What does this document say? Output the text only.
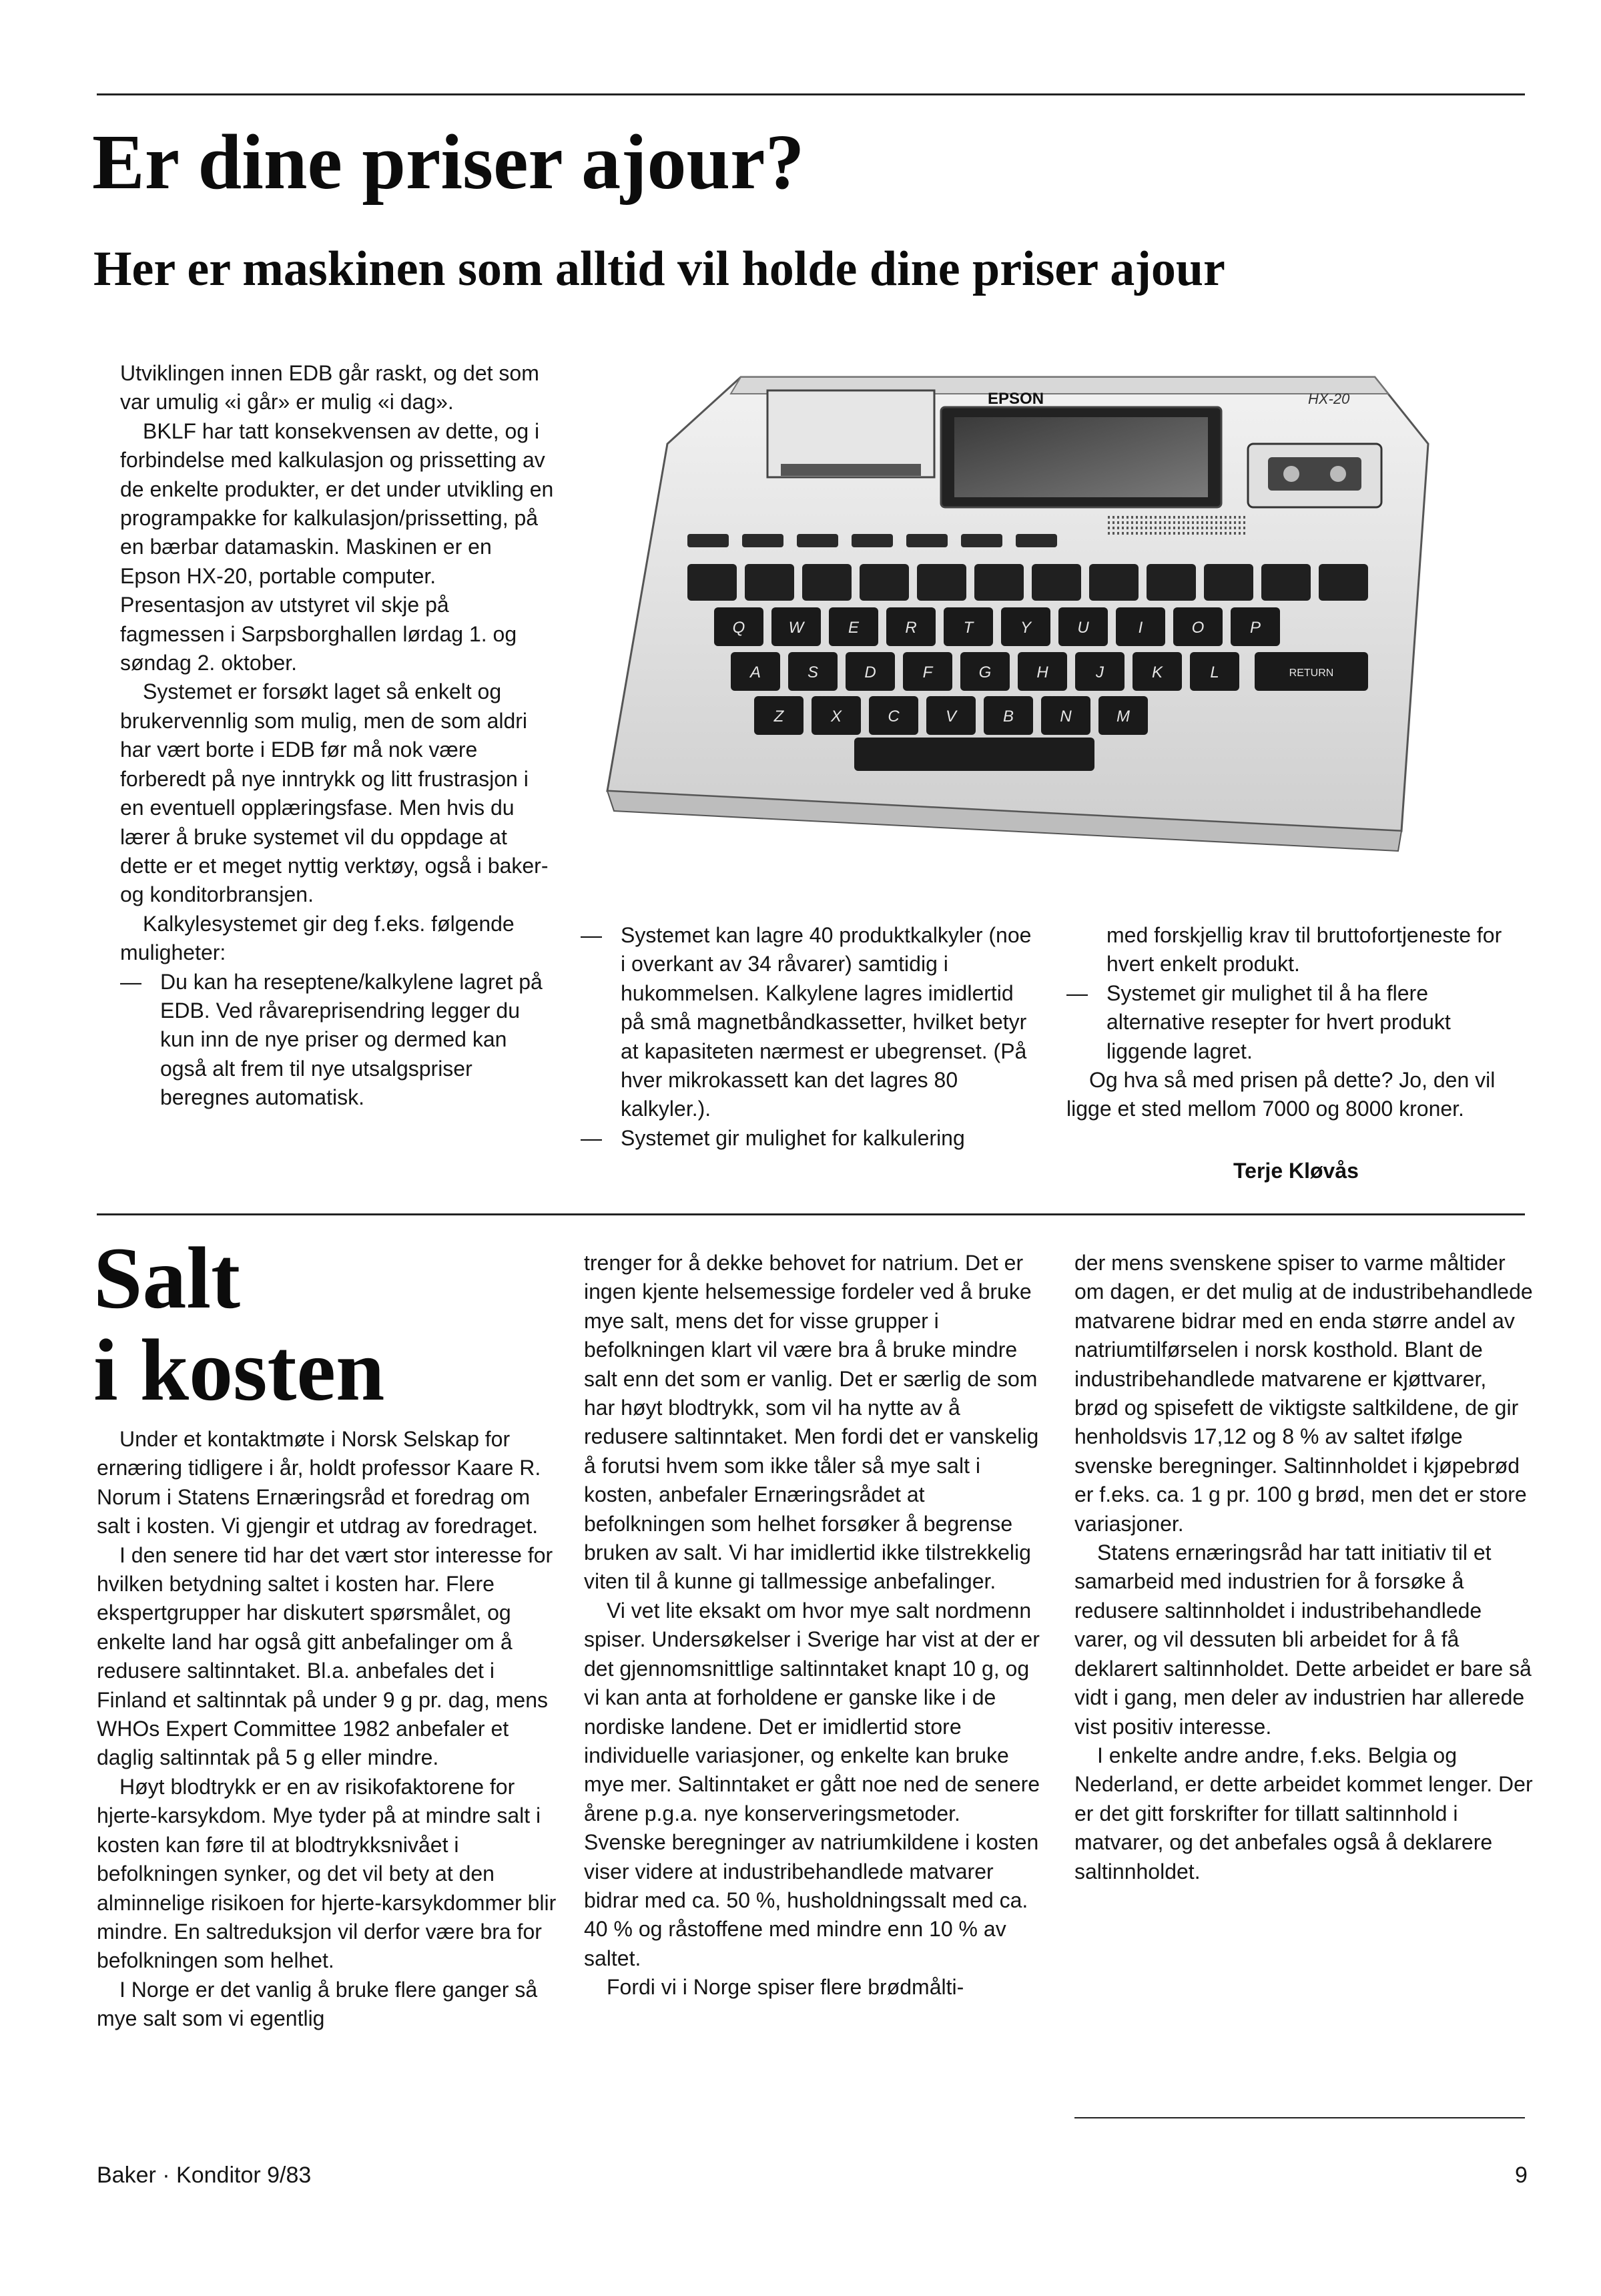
Er dine priser ajour?
Her er maskinen som alltid vil holde dine priser ajour

Utviklingen innen EDB går raskt, og det som var umulig «i går» er mulig «i dag».

BKLF har tatt konsekvensen av dette, og i forbindelse med kalkulasjon og prissetting av de enkelte produkter, er det under utvikling en programpakke for kalkulasjon/prissetting, på en bærbar datamaskin. Maskinen er en Epson HX-20, portable computer. Presentasjon av utstyret vil skje på fagmessen i Sarpsborghallen lørdag 1. og søndag 2. oktober.

Systemet er forsøkt laget så enkelt og brukervennlig som mulig, men de som aldri har vært borte i EDB før må nok være forberedt på nye inntrykk og litt frustrasjon i en eventuell opplæringsfase. Men hvis du lærer å bruke systemet vil du oppdage at dette er et meget nyttig verktøy, også i baker- og konditorbransjen.

Kalkylesystemet gir deg f.eks. følgende muligheter:

— Du kan ha reseptene/kalkylene lagret på EDB. Ved råvareprisendring legger du kun inn de nye priser og dermed kan også alt frem til nye utsalgspriser beregnes automatisk.
EPSON	HX-20
Q	W	E	R	T	Y	U	I	O	P
A	S	D	F	G	H	J	K	L
Z	X	C	V	B	N	M
RETURN
— Systemet kan lagre 40 produktkalkyler (noe i overkant av 34 råvarer) samtidig i hukommelsen. Kalkylene lagres imidlertid på små magnetbåndkassetter, hvilket betyr at kapasiteten nærmest er ubegrenset. (På hver mikrokassett kan det lagres 80 kalkyler.).
— Systemet gir mulighet for kalkulering
med forskjellig krav til bruttofortjeneste for hvert enkelt produkt.
— Systemet gir mulighet til å ha flere alternative resepter for hvert produkt liggende lagret.

Og hva så med prisen på dette? Jo, den vil ligge et sted mellom 7000 og 8000 kroner.

Terje Kløvås
Salt
i kosten

Under et kontaktmøte i Norsk Selskap for ernæring tidligere i år, holdt professor Kaare R. Norum i Statens Ernæringsråd et foredrag om salt i kosten. Vi gjengir et utdrag av foredraget.

I den senere tid har det vært stor interesse for hvilken betydning saltet i kosten har. Flere ekspertgrupper har diskutert spørsmålet, og enkelte land har også gitt anbefalinger om å redusere saltinntaket. Bl.a. anbefales det i Finland et saltinntak på under 9 g pr. dag, mens WHOs Expert Committee 1982 anbefaler et daglig saltinntak på 5 g eller mindre.

Høyt blodtrykk er en av risikofaktorene for hjerte-karsykdom. Mye tyder på at mindre salt i kosten kan føre til at blodtrykksnivået i befolkningen synker, og det vil bety at den alminnelige risikoen for hjerte-karsykdommer blir mindre. En saltreduksjon vil derfor være bra for befolkningen som helhet.

I Norge er det vanlig å bruke flere ganger så mye salt som vi egentlig

trenger for å dekke behovet for natrium. Det er ingen kjente helsemessige fordeler ved å bruke mye salt, mens det for visse grupper i befolkningen klart vil være bra å bruke mindre salt enn det som er vanlig. Det er særlig de som har høyt blodtrykk, som vil ha nytte av å redusere saltinntaket. Men fordi det er vanskelig å forutsi hvem som ikke tåler så mye salt i kosten, anbefaler Ernæringsrådet at befolkningen som helhet forsøker å begrense bruken av salt. Vi har imidlertid ikke tilstrekkelig viten til å kunne gi tallmessige anbefalinger.

Vi vet lite eksakt om hvor mye salt nordmenn spiser. Undersøkelser i Sverige har vist at der er det gjennomsnittlige saltinntaket knapt 10 g, og vi kan anta at forholdene er ganske like i de nordiske landene. Det er imidlertid store individuelle variasjoner, og enkelte kan bruke mye mer. Saltinntaket er gått noe ned de senere årene p.g.a. nye konserveringsmetoder. Svenske beregninger av natriumkildene i kosten viser videre at industribehandlede matvarer bidrar med ca. 50 %, husholdningssalt med ca. 40 % og råstoffene med mindre enn 10 % av saltet.

Fordi vi i Norge spiser flere brødmålti-

der mens svenskene spiser to varme måltider om dagen, er det mulig at de industribehandlede matvarene bidrar med en enda større andel av natriumtilførselen i norsk kosthold. Blant de industribehandlede matvarene er kjøttvarer, brød og spisefett de viktigste saltkildene, de gir henholdsvis 17,12 og 8 % av saltet ifølge svenske beregninger. Saltinnholdet i kjøpebrød er f.eks. ca. 1 g pr. 100 g brød, men det er store variasjoner.

Statens ernæringsråd har tatt initiativ til et samarbeid med industrien for å forsøke å redusere saltinnholdet i industribehandlede varer, og vil dessuten bli arbeidet for å få deklarert saltinnholdet. Dette arbeidet er bare så vidt i gang, men deler av industrien har allerede vist positiv interesse.

I enkelte andre andre, f.eks. Belgia og Nederland, er dette arbeidet kommet lenger. Der er det gitt forskrifter for tillatt saltinnhold i matvarer, og det anbefales også å deklarere saltinnholdet.

Baker · Konditor 9/83	9
